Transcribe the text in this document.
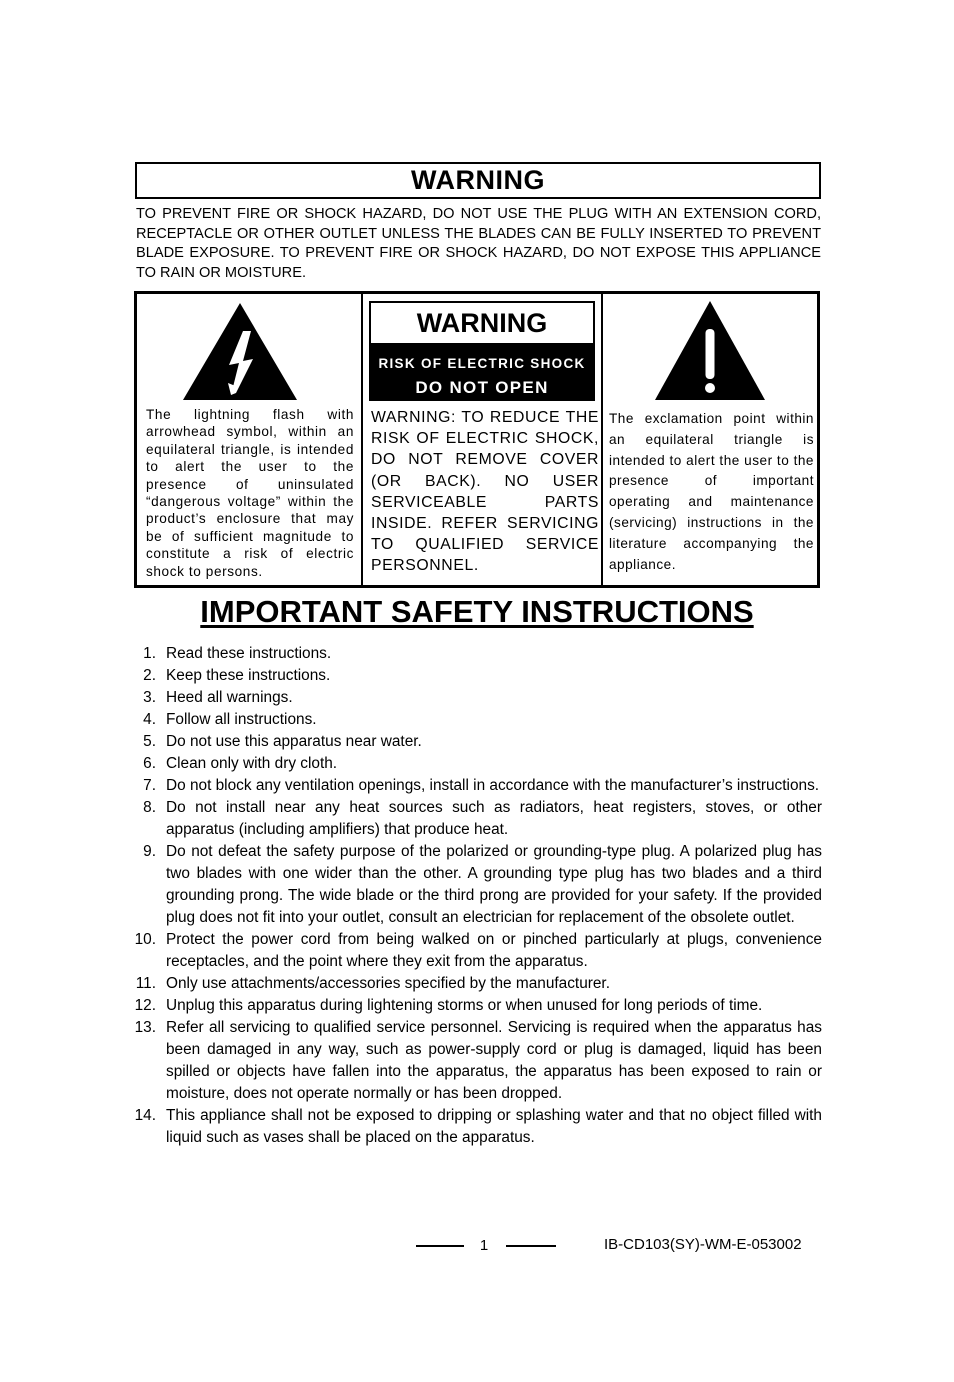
WARNING
TO PREVENT FIRE OR SHOCK HAZARD, DO NOT USE THE PLUG WITH AN EXTENSION CORD, RECEPTACLE OR OTHER OUTLET UNLESS THE BLADES CAN BE FULLY INSERTED TO PREVENT BLADE EXPOSURE. TO PREVENT FIRE OR SHOCK HAZARD, DO NOT EXPOSE THIS APPLIANCE TO RAIN OR MOISTURE.
The lightning flash with arrowhead symbol, within an equilateral triangle, is intended to alert the user to the presence of uninsulated “dangerous voltage” within the product’s enclosure that may be of sufficient magnitude to constitute a risk of electric shock to persons.
WARNING
RISK OF ELECTRIC SHOCK
DO NOT OPEN
WARNING: TO REDUCE THE RISK OF ELECTRIC SHOCK, DO NOT REMOVE COVER (OR BACK). NO USER SERVICEABLE PARTS INSIDE. REFER SERVICING TO QUALIFIED SERVICE PERSONNEL.
The exclamation point within an equilateral triangle is intended to alert the user to the presence of important operating and maintenance (servicing) instructions in the literature accompanying the appliance.
IMPORTANT SAFETY INSTRUCTIONS
1. Read these instructions.
2. Keep these instructions.
3. Heed all warnings.
4. Follow all instructions.
5. Do not use this apparatus near water.
6. Clean only with dry cloth.
7. Do not block any ventilation openings, install in accordance with the manufacturer’s instructions.
8. Do not install near any heat sources such as radiators, heat registers, stoves, or other apparatus (including amplifiers) that produce heat.
9. Do not defeat the safety purpose of the polarized or grounding-type plug. A polarized plug has two blades with one wider than the other. A grounding type plug has two blades and a third grounding prong. The wide blade or the third prong are provided for your safety. If the provided plug does not fit into your outlet, consult an electrician for replacement of the obsolete outlet.
10. Protect the power cord from being walked on or pinched particularly at plugs, convenience receptacles, and the point where they exit from the apparatus.
11. Only use attachments/accessories specified by the manufacturer.
12. Unplug this apparatus during lightening storms or when unused for long periods of time.
13. Refer all servicing to qualified service personnel. Servicing is required when the apparatus has been damaged in any way, such as power-supply cord or plug is damaged, liquid has been spilled or objects have fallen into the apparatus, the apparatus has been exposed to rain or moisture, does not operate normally or has been dropped.
14. This appliance shall not be exposed to dripping or splashing water and that no object filled with liquid such as vases shall be placed on the apparatus.
1	IB-CD103(SY)-WM-E-053002
